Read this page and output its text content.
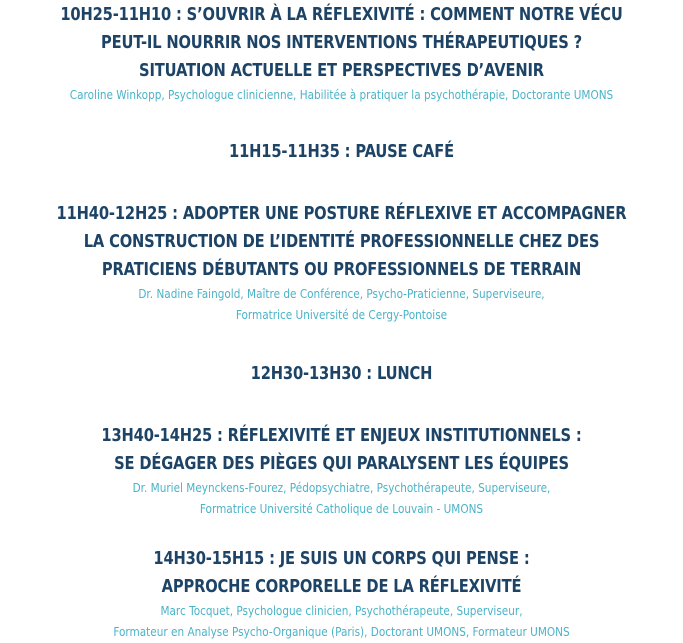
10H25-11H10 : S’OUVRIR À LA RÉFLEXIVITÉ : COMMENT NOTRE VÉCU
PEUT-IL NOURRIR NOS INTERVENTIONS THÉRAPEUTIQUES ?
SITUATION ACTUELLE ET PERSPECTIVES D’AVENIR

Caroline Winkopp, Psychologue clinicienne, Habilitée à pratiquer la psychothérapie, Doctorante UMONS

11H15-11H35 : PAUSE CAFÉ
11H40-12H25 : ADOPTER UNE POSTURE RÉFLEXIVE ET ACCOMPAGNER
LA CONSTRUCTION DE L’IDENTITÉ PROFESSIONNELLE CHEZ DES
PRATICIENS DÉBUTANTS OU PROFESSIONNELS DE TERRAIN

Dr. Nadine Faingold, Maître de Conférence, Psycho-Praticienne, Superviseure,
Formatrice Université de Cergy-Pontoise

12H30-13H30 : LUNCH
13H40-14H25 : RÉFLEXIVITÉ ET ENJEUX INSTITUTIONNELS :
SE DÉGAGER DES PIÈGES QUI PARALYSENT LES ÉQUIPES

Dr. Muriel Meynckens-Fourez, Pédopsychiatre, Psychothérapeute, Superviseure,
Formatrice Université Catholique de Louvain - UMONS

14H30-15H15 : JE SUIS UN CORPS QUI PENSE :
APPROCHE CORPORELLE DE LA RÉFLEXIVITÉ

Marc Tocquet, Psychologue clinicien, Psychothérapeute, Superviseur,
Formateur en Analyse Psycho-Organique (Paris), Doctorant UMONS, Formateur UMONS
